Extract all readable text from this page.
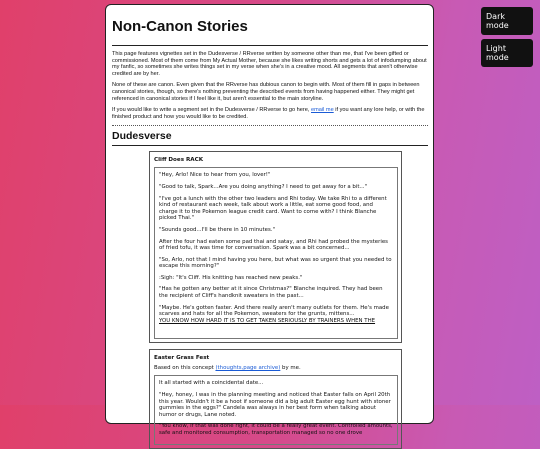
Dark mode
Light mode
Non-Canon Stories

This page features vignettes set in the Dudesverse / RRverse written by someone other than me, that I've been gifted or commissioned. Most of them come from My Actual Mother, because she likes writing shorts and gets a lot of infodumping about my fanfic, so sometimes she writes things set in my verse when she's in a creative mood. All segments that aren't otherwise credited are by her.

None of these are canon. Even given that the RRverse has dubious canon to begin with. Most of them fill in gaps in between canonical stories, though, so there's nothing preventing the described events from having happened either. They might get referenced in canonical stories if I feel like it, but aren't essential to the main storyline.

If you would like to write a segment set in the Dudesverse / RRverse to go here, email me if you want any lore help, or with the finished product and how you would like to be credited.

Dudesverse
Cliff Does RACK

"Hey, Arlo! Nice to hear from you, lover!"

"Good to talk, Spark...Are you doing anything? I need to get away for a bit..."

"I've got a lunch with the other two leaders and Rhi today. We take Rhi to a different kind of restaurant each week, talk about work a little, eat some good food, and charge it to the Pokemon league credit card. Want to come with? I think Blanche picked Thai."

"Sounds good...I'll be there in 10 minutes."

After the four had eaten some pad thai and satay, and Rhi had probed the mysteries of fried tofu, it was time for conversation. Spark was a bit concerned...

"So, Arlo, not that I mind having you here, but what was so urgent that you needed to escape this morning?"

:Sigh: "It's Cliff. His knitting has reached new peaks."

"Has he gotten any better at it since Christmas?" Blanche inquired. They had been the recipient of Cliff's handknit sweaters in the past...

"Maybe. He's gotten faster. And there really aren't many outlets for them. He's made scarves and hats for all the Pokemon, sweaters for the grunts, mittens...

YOU KNOW HOW HARD IT IS TO GET TAKEN SERIOUSLY BY TRAINERS WHEN THE

Easter Grass Fest
Based on this concept (thoughts,page archive) by me.

It all started with a coincidental date...

"Hey, honey, I was in the planning meeting and noticed that Easter falls on April 20th this year. Wouldn't it be a hoot if someone did a big adult Easter egg hunt with stoner gummies in the eggs?" Candela was always in her best form when talking about humor or drugs, Lane noted.

"You know, if that was done right, it could be a really great event. Controlled amounts, safe and monitored consumption, transportation managed so no one drove
